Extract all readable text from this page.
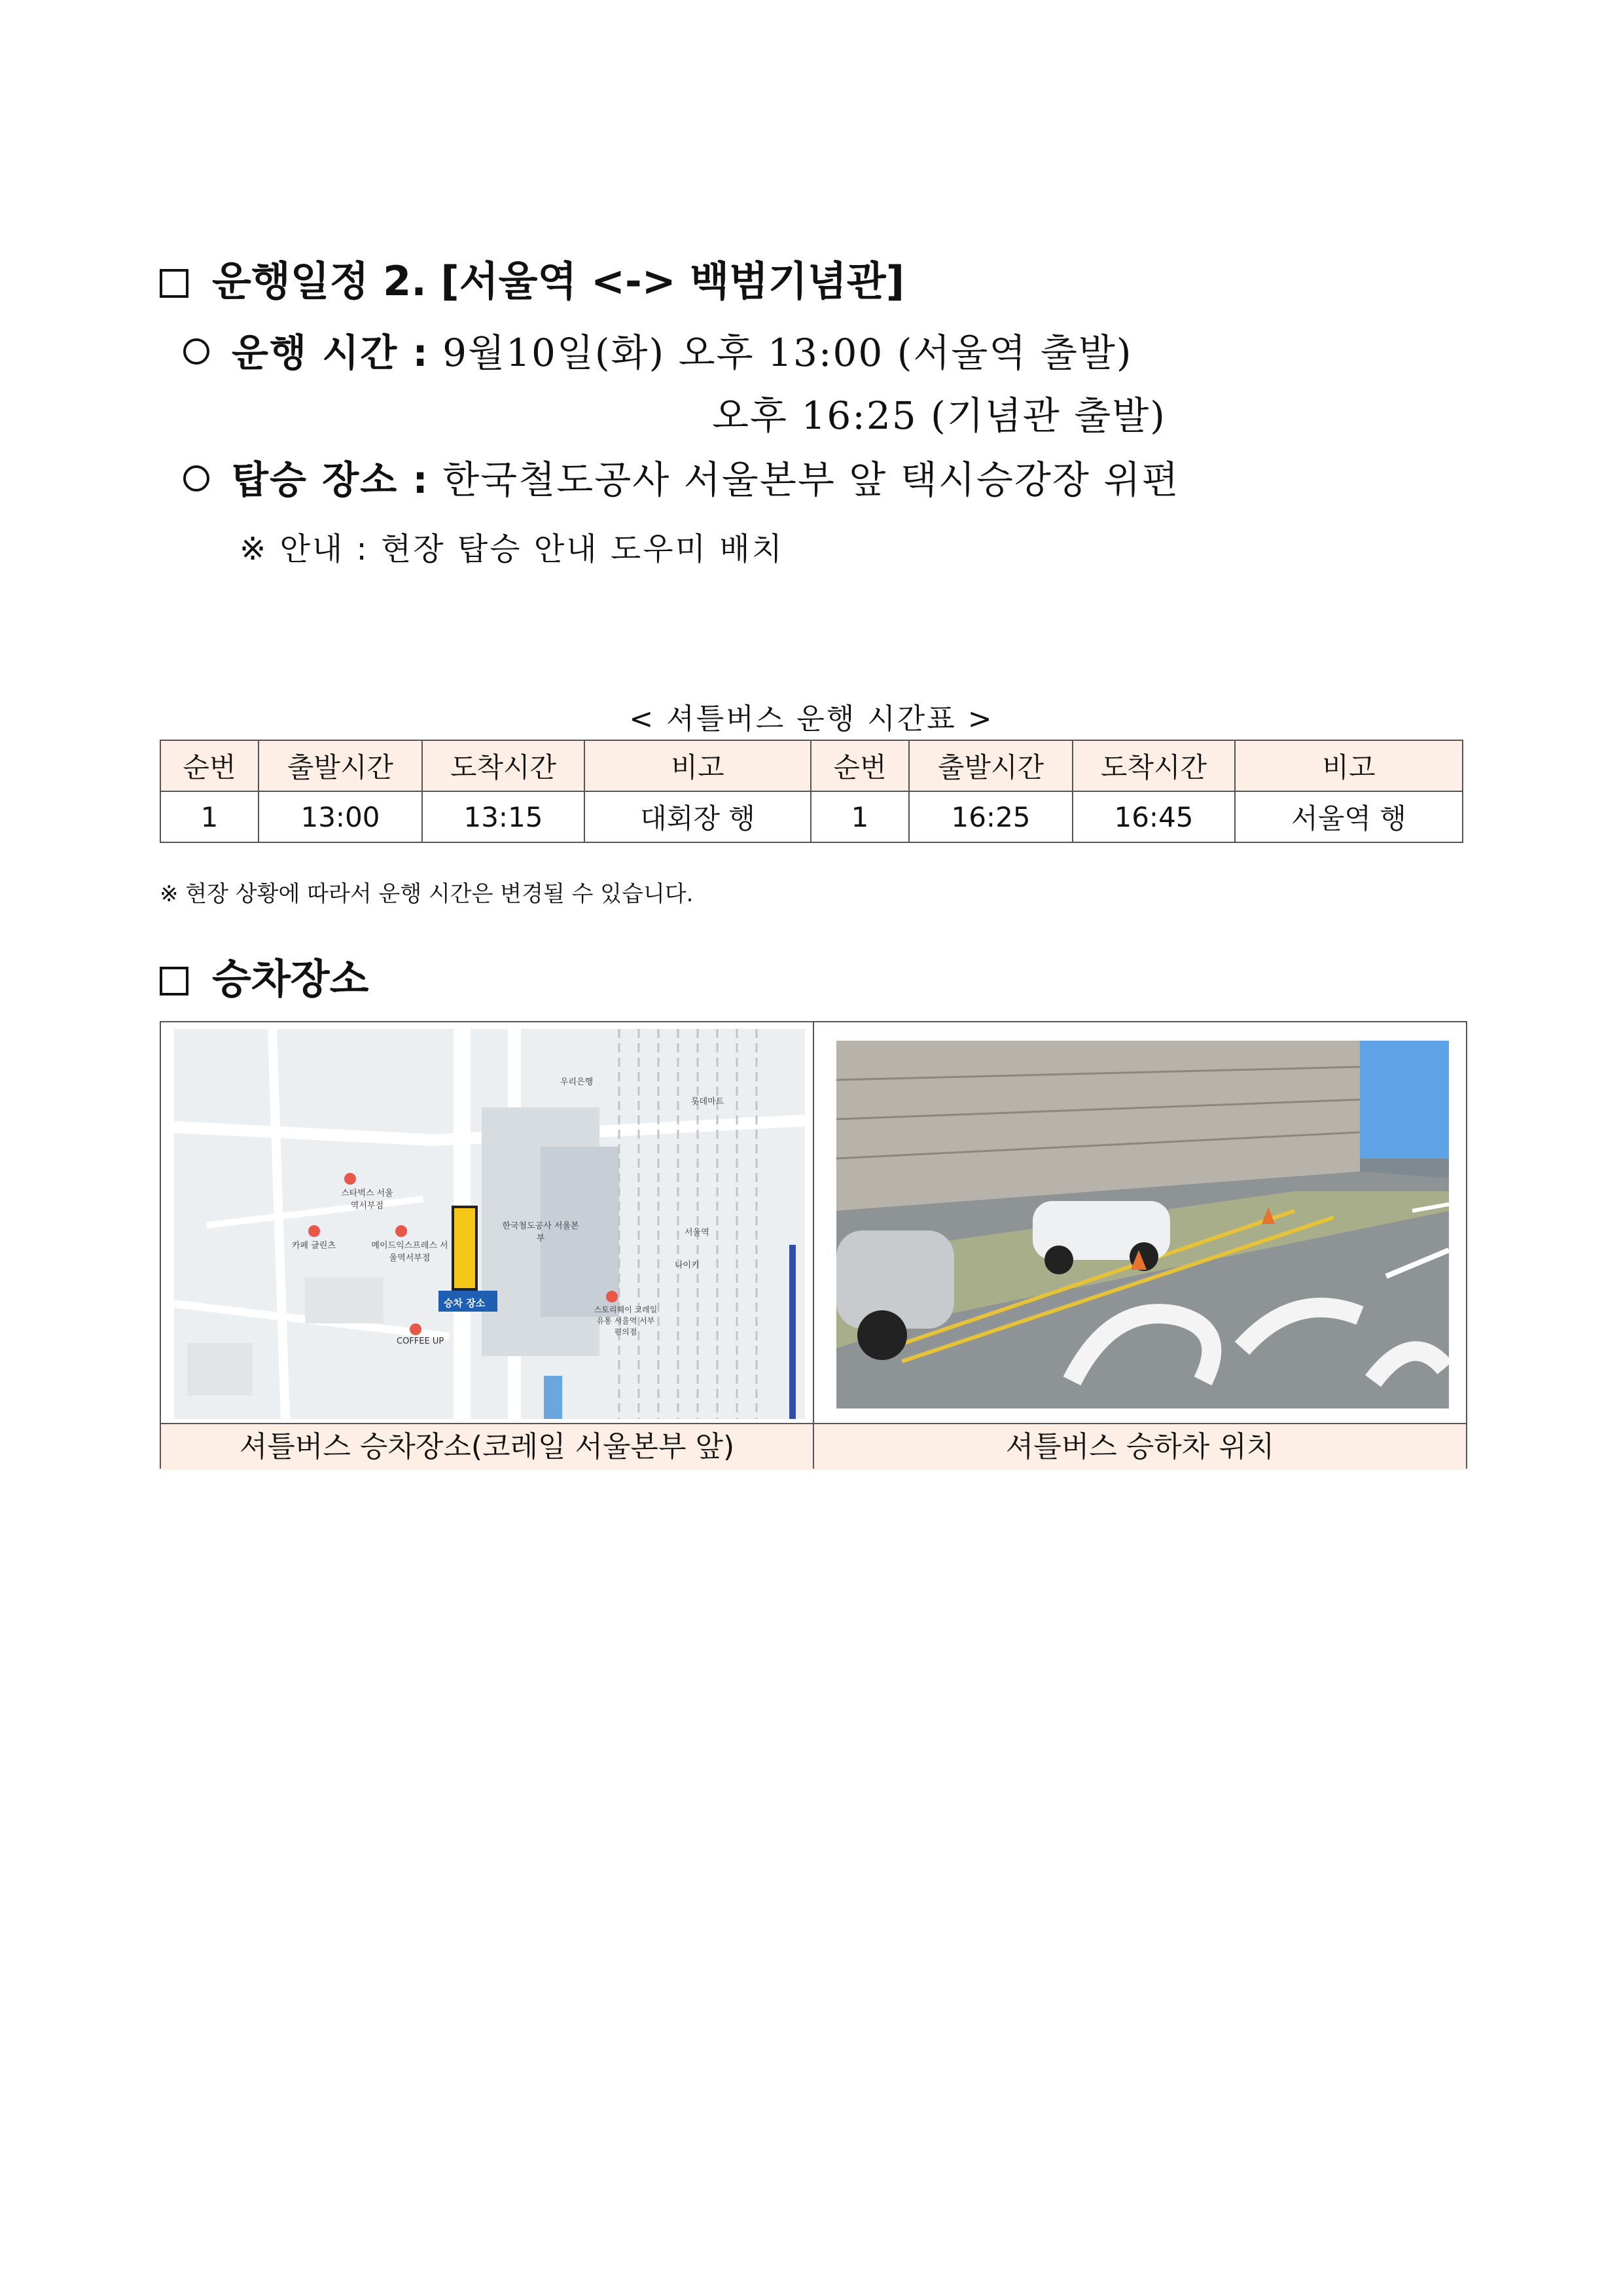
운행일정 2. [서울역 <-> 백범기념관]
운행 시간 : 9월10일(화) 오후 13:00 (서울역 출발)
오후 16:25 (기념관 출발)
탑승 장소 : 한국철도공사 서울본부 앞 택시승강장 위편
※ 안내 : 현장 탑승 안내 도우미 배치
< 셔틀버스 운행 시간표 >
순번	출발시간	도착시간	비고	순번	출발시간	도착시간	비고
1	13:00	13:15	대회장 행	1	16:25	16:45	서울역 행
※ 현장 상황에 따라서 운행 시간은 변경될 수 있습니다.
승차장소
승차 장소
한국철도공사 서울본부
서울역
우리은행
롯데마트
스타벅스 서울역서부점
카페 글린츠	메이드익스프레스 서울역서부점
COFFEE UP
나이키
스토리웨이 코레일유통 서울역 서부편의점
셔틀버스 승차장소(코레일 서울본부 앞)	셔틀버스 승하차 위치
